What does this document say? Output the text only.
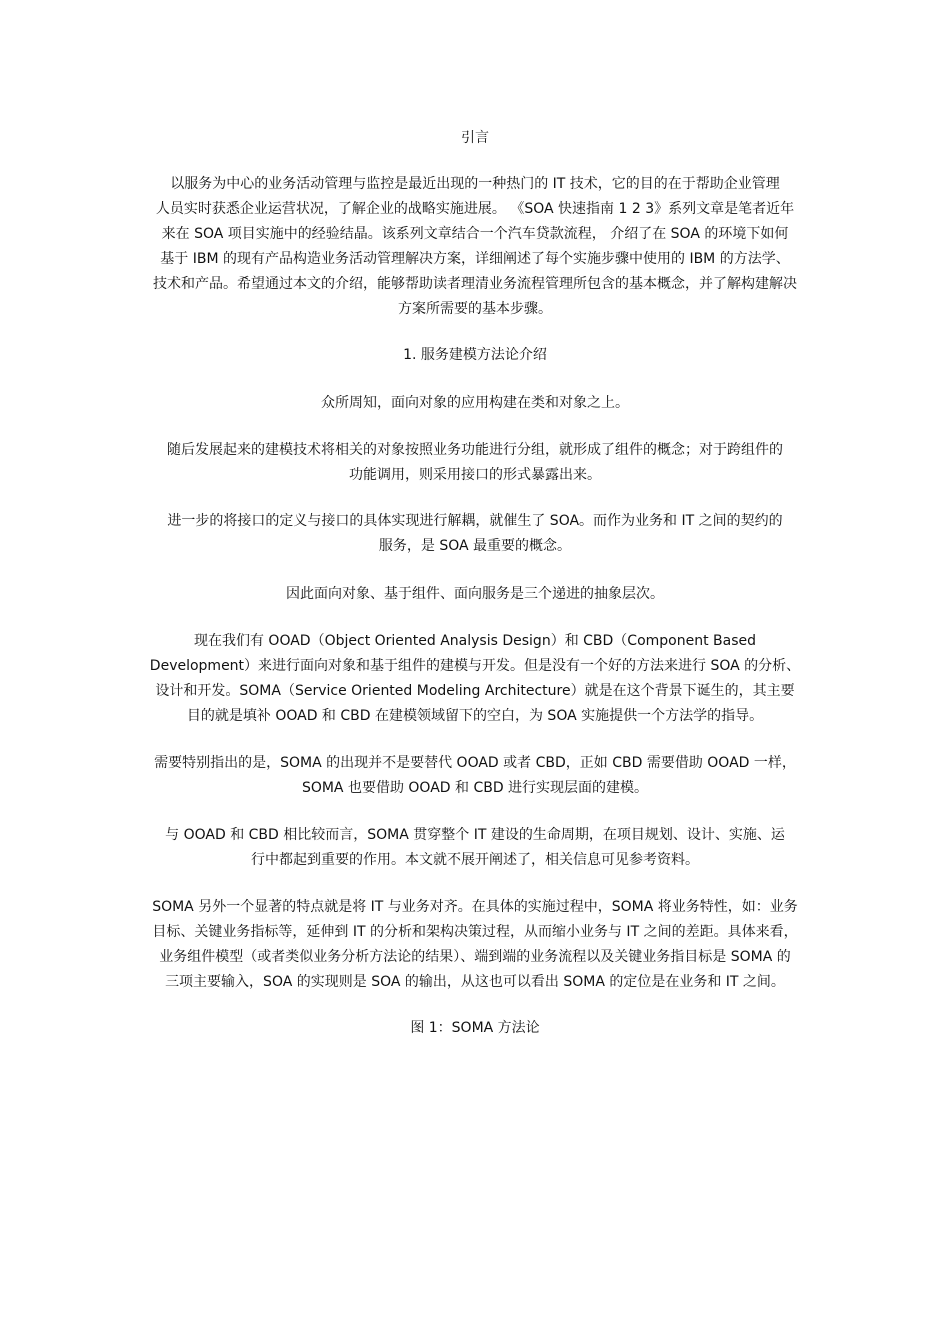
引言

以服务为中心的业务活动管理与监控是最近出现的一种热门的 IT 技术，它的目的在于帮助企业管理
人员实时获悉企业运营状况，了解企业的战略实施进展。 《SOA 快速指南 1 2 3》系列文章是笔者近年
来在 SOA 项目实施中的经验结晶。该系列文章结合一个汽车贷款流程， 介绍了在 SOA 的环境下如何
基于 IBM 的现有产品构造业务活动管理解决方案，详细阐述了每个实施步骤中使用的 IBM 的方法学、
技术和产品。希望通过本文的介绍，能够帮助读者理清业务流程管理所包含的基本概念，并了解构建解决
方案所需要的基本步骤。

1. 服务建模方法论介绍

众所周知，面向对象的应用构建在类和对象之上。

随后发展起来的建模技术将相关的对象按照业务功能进行分组，就形成了组件的概念；对于跨组件的
功能调用，则采用接口的形式暴露出来。

进一步的将接口的定义与接口的具体实现进行解耦，就催生了 SOA。而作为业务和 IT 之间的契约的
服务，是 SOA 最重要的概念。

因此面向对象、基于组件、面向服务是三个递进的抽象层次。

现在我们有 OOAD（Object Oriented Analysis Design）和 CBD（Component Based
Development）来进行面向对象和基于组件的建模与开发。但是没有一个好的方法来进行 SOA 的分析、
设计和开发。SOMA（Service Oriented Modeling Architecture）就是在这个背景下诞生的，其主要
目的就是填补 OOAD 和 CBD 在建模领域留下的空白，为 SOA 实施提供一个方法学的指导。

需要特别指出的是，SOMA 的出现并不是要替代 OOAD 或者 CBD，正如 CBD 需要借助 OOAD 一样，
SOMA 也要借助 OOAD 和 CBD 进行实现层面的建模。

与 OOAD 和 CBD 相比较而言，SOMA 贯穿整个 IT 建设的生命周期，在项目规划、设计、实施、运
行中都起到重要的作用。本文就不展开阐述了，相关信息可见参考资料。

SOMA 另外一个显著的特点就是将 IT 与业务对齐。在具体的实施过程中，SOMA 将业务特性，如：业务
目标、关键业务指标等，延伸到 IT 的分析和架构决策过程，从而缩小业务与 IT 之间的差距。具体来看，
业务组件模型（或者类似业务分析方法论的结果）、端到端的业务流程以及关键业务指目标是 SOMA 的
三项主要输入，SOA 的实现则是 SOA 的输出，从这也可以看出 SOMA 的定位是在业务和 IT 之间。

图 1：SOMA 方法论
